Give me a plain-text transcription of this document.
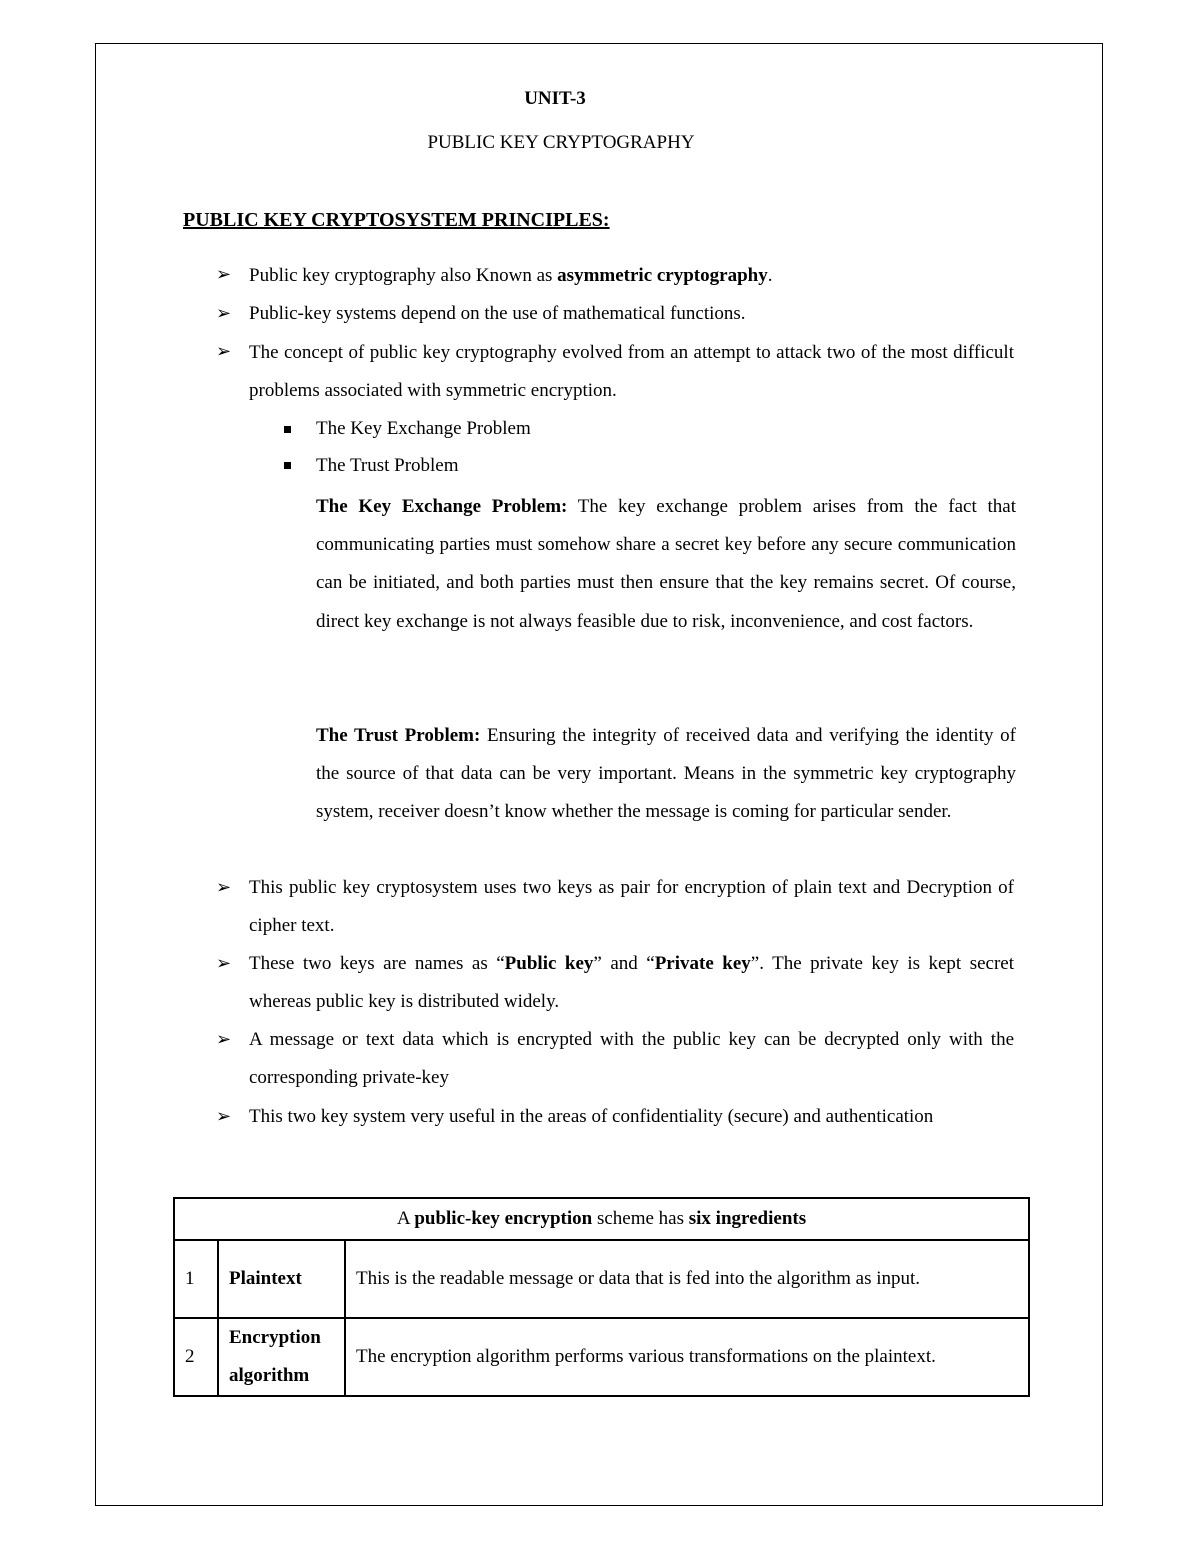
UNIT-3
PUBLIC KEY CRYPTOGRAPHY
PUBLIC KEY CRYPTOSYSTEM PRINCIPLES:
➢ Public key cryptography also Known as asymmetric cryptography.
➢ Public-key systems depend on the use of mathematical functions.
➢ The concept of public key cryptography evolved from an attempt to attack two of the most difficult problems associated with symmetric encryption.
The Key Exchange Problem
The Trust Problem
The Key Exchange Problem: The key exchange problem arises from the fact that communicating parties must somehow share a secret key before any secure communication can be initiated, and both parties must then ensure that the key remains secret. Of course, direct key exchange is not always feasible due to risk, inconvenience, and cost factors.
The Trust Problem: Ensuring the integrity of received data and verifying the identity of the source of that data can be very important. Means in the symmetric key cryptography system, receiver doesn’t know whether the message is coming for particular sender.
➢ This public key cryptosystem uses two keys as pair for encryption of plain text and Decryption of cipher text.
➢ These two keys are names as “Public key” and “Private key”. The private key is kept secret whereas public key is distributed widely.
➢ A message or text data which is encrypted with the public key can be decrypted only with the corresponding private-key
➢ This two key system very useful in the areas of confidentiality (secure) and authentication
A public-key encryption scheme has six ingredients		
1	Plaintext	This is the readable message or data that is fed into the algorithm as input.
2	Encryption algorithm	The encryption algorithm performs various transformations on the plaintext.
